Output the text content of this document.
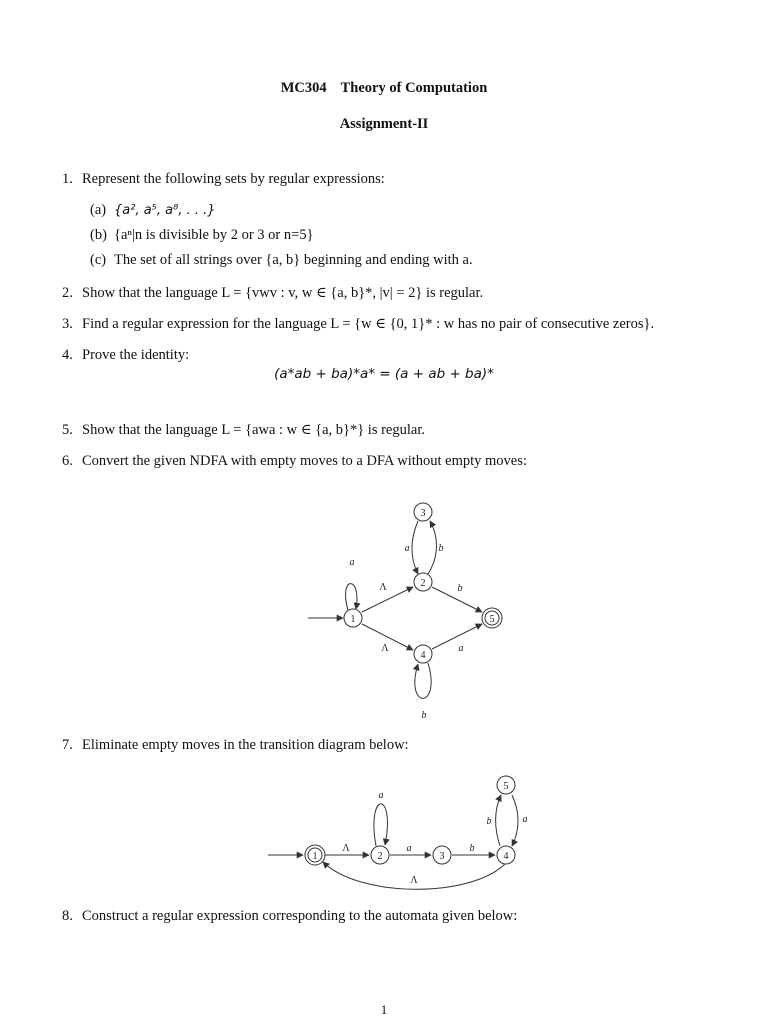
MC304 Theory of Computation
Assignment-II
1. Represent the following sets by regular expressions:
(a) {a², a⁵, a⁸, . . .}
(b) {aⁿ|n is divisible by 2 or 3 or n=5}
(c) The set of all strings over {a, b} beginning and ending with a.
2. Show that the language L = {vwv : v, w ∈ {a, b}*, |v| = 2} is regular.
3. Find a regular expression for the language L = {w ∈ {0, 1}* : w has no pair of consecutive zeros}.
4. Prove the identity:
(a*ab + ba)*a* = (a + ab + ba)*
5. Show that the language L = {awa : w ∈ {a, b}*} is regular.
6. Convert the given NDFA with empty moves to a DFA without empty moves:
3
2
1
4
5
a
Λ
Λ
b
a
b
a
b
7. Eliminate empty moves in the transition diagram below:
1	2	3	4
5
Λ
a
a	b
b	a
Λ
8. Construct a regular expression corresponding to the automata given below:
1
